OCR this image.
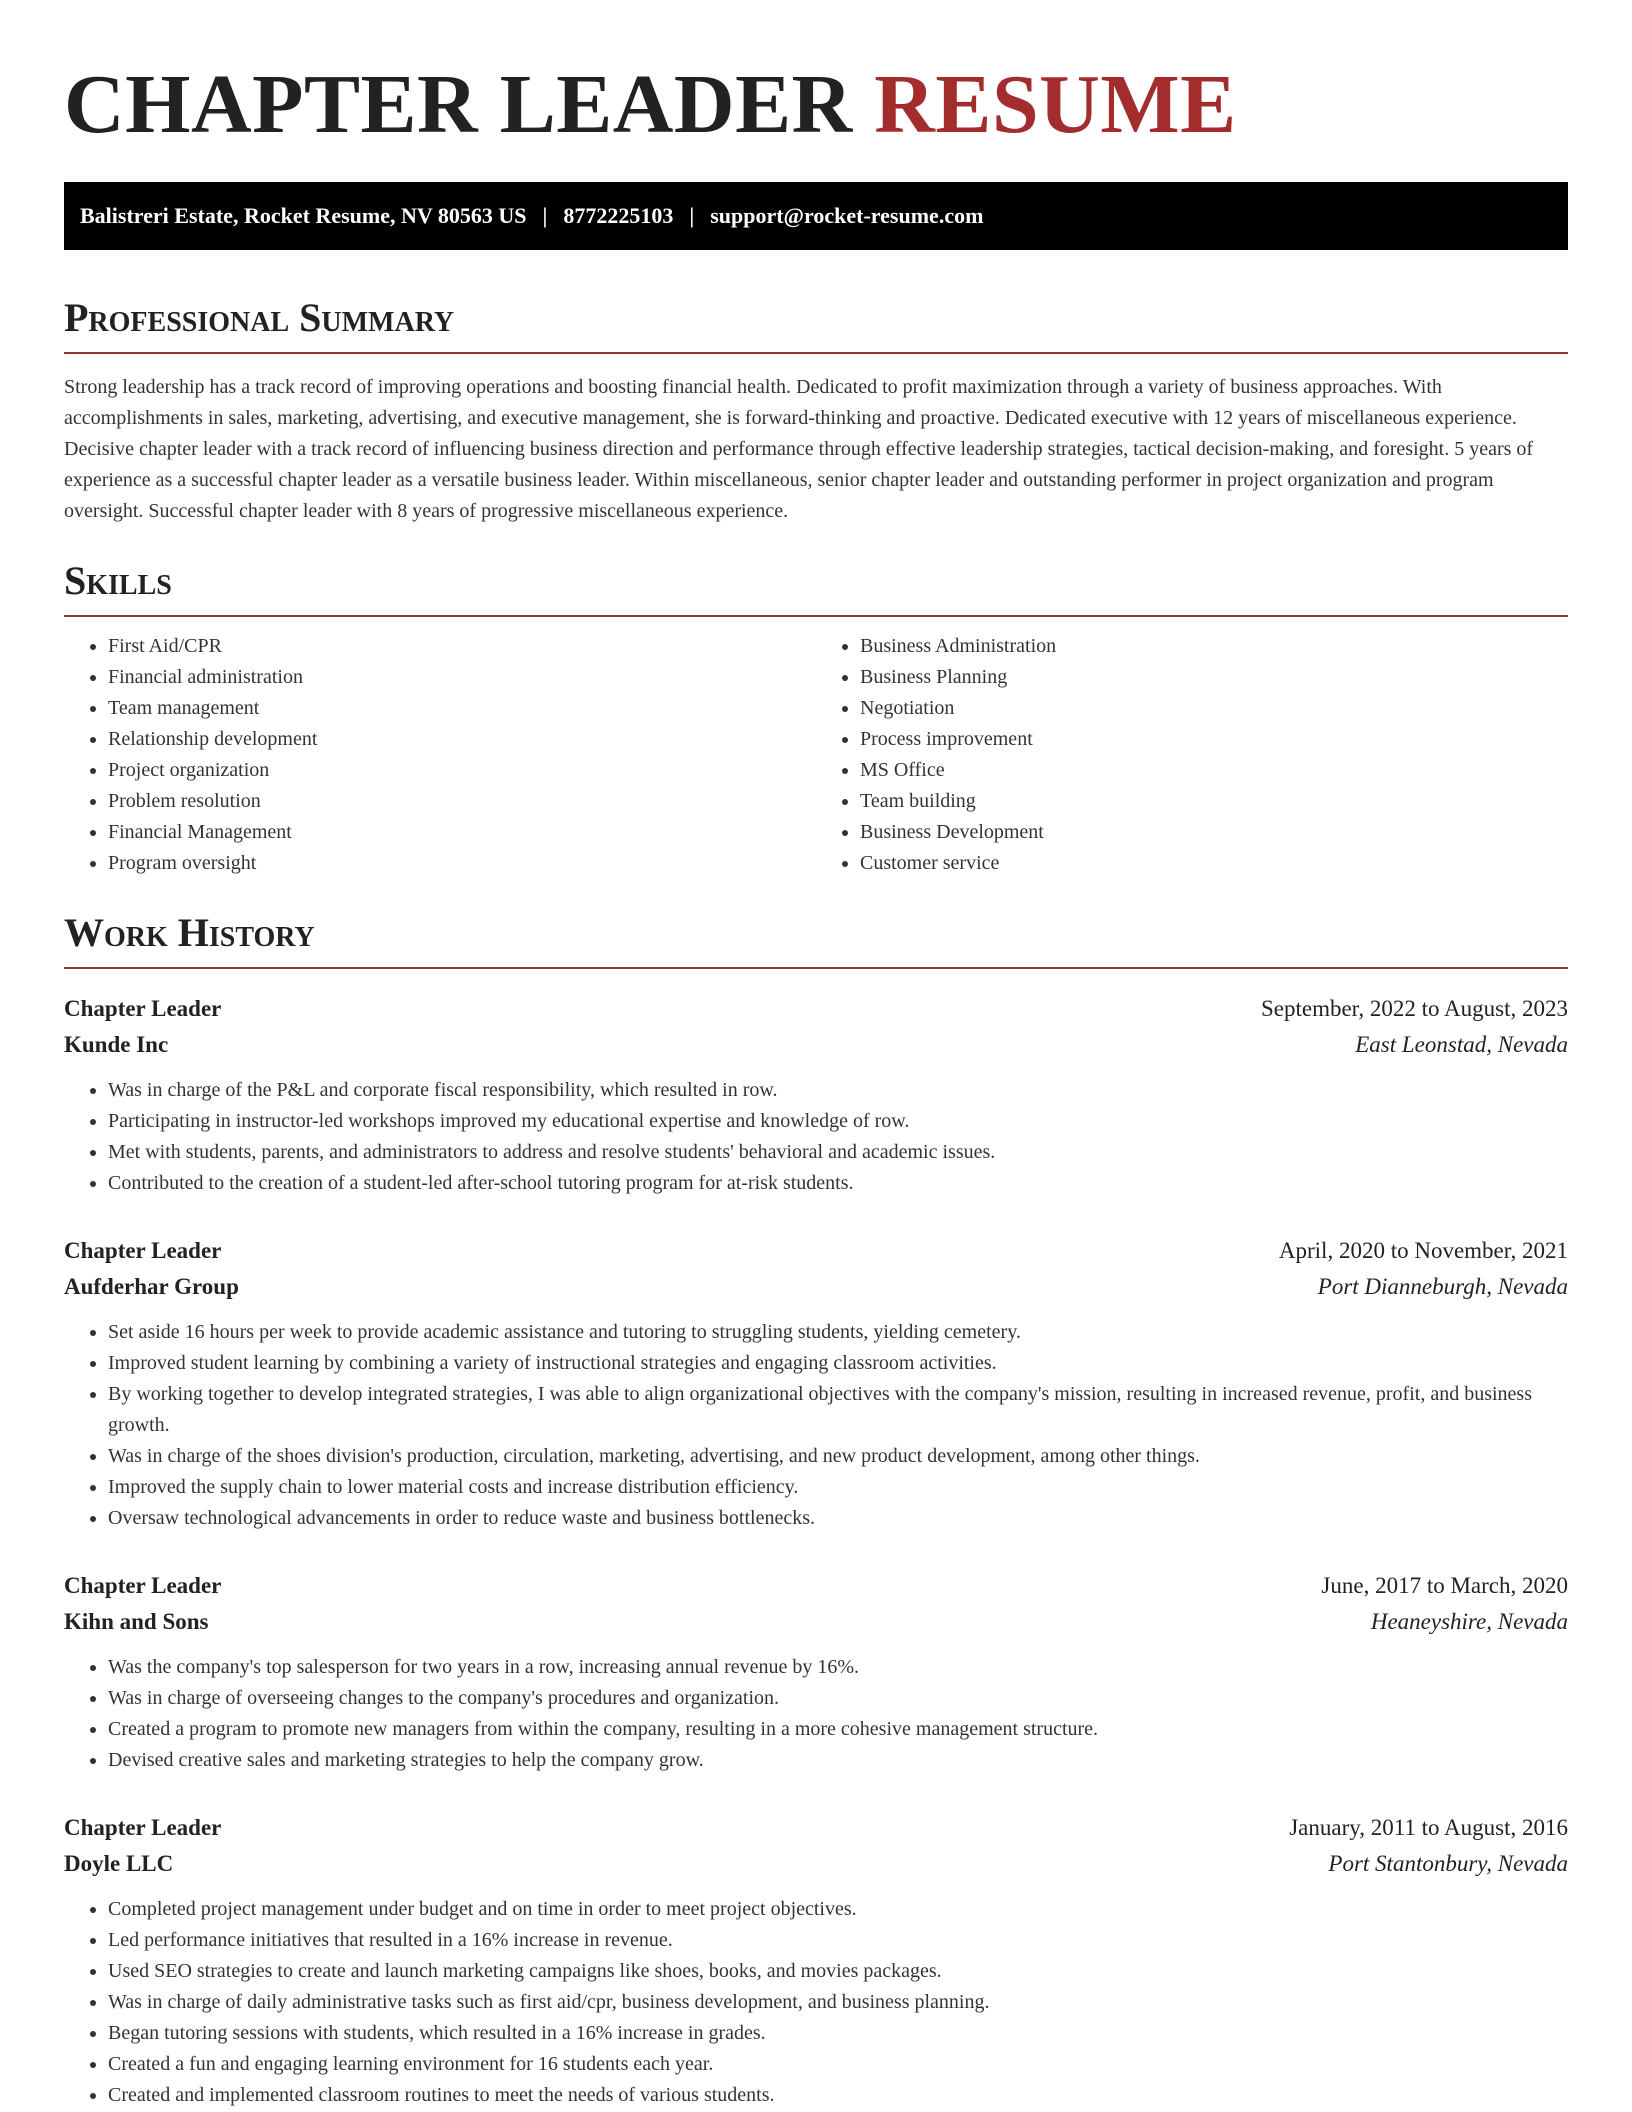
CHAPTER LEADER RESUME
Balistreri Estate, Rocket Resume, NV 80563 US | 8772225103 | support@rocket-resume.com
Professional Summary

Strong leadership has a track record of improving operations and boosting financial health. Dedicated to profit maximization through a variety of business approaches. With accomplishments in sales, marketing, advertising, and executive management, she is forward-thinking and proactive. Dedicated executive with 12 years of miscellaneous experience. Decisive chapter leader with a track record of influencing business direction and performance through effective leadership strategies, tactical decision-making, and foresight. 5 years of experience as a successful chapter leader as a versatile business leader. Within miscellaneous, senior chapter leader and outstanding performer in project organization and program oversight. Successful chapter leader with 8 years of progressive miscellaneous experience.

Skills
• First Aid/CPR
• Financial administration
• Team management
• Relationship development
• Project organization
• Problem resolution
• Financial Management
• Program oversight
• Business Administration
• Business Planning
• Negotiation
• Process improvement
• MS Office
• Team building
• Business Development
• Customer service
Work History
Chapter Leader	September, 2022 to August, 2023
Kunde Inc	East Leonstad, Nevada
• Was in charge of the P&L and corporate fiscal responsibility, which resulted in row.
• Participating in instructor-led workshops improved my educational expertise and knowledge of row.
• Met with students, parents, and administrators to address and resolve students' behavioral and academic issues.
• Contributed to the creation of a student-led after-school tutoring program for at-risk students.
Chapter Leader	April, 2020 to November, 2021
Aufderhar Group	Port Dianneburgh, Nevada
• Set aside 16 hours per week to provide academic assistance and tutoring to struggling students, yielding cemetery.
• Improved student learning by combining a variety of instructional strategies and engaging classroom activities.
• By working together to develop integrated strategies, I was able to align organizational objectives with the company's mission, resulting in increased revenue, profit, and business growth.
• Was in charge of the shoes division's production, circulation, marketing, advertising, and new product development, among other things.
• Improved the supply chain to lower material costs and increase distribution efficiency.
• Oversaw technological advancements in order to reduce waste and business bottlenecks.
Chapter Leader	June, 2017 to March, 2020
Kihn and Sons	Heaneyshire, Nevada
• Was the company's top salesperson for two years in a row, increasing annual revenue by 16%.
• Was in charge of overseeing changes to the company's procedures and organization.
• Created a program to promote new managers from within the company, resulting in a more cohesive management structure.
• Devised creative sales and marketing strategies to help the company grow.
Chapter Leader	January, 2011 to August, 2016
Doyle LLC	Port Stantonbury, Nevada
• Completed project management under budget and on time in order to meet project objectives.
• Led performance initiatives that resulted in a 16% increase in revenue.
• Used SEO strategies to create and launch marketing campaigns like shoes, books, and movies packages.
• Was in charge of daily administrative tasks such as first aid/cpr, business development, and business planning.
• Began tutoring sessions with students, which resulted in a 16% increase in grades.
• Created a fun and engaging learning environment for 16 students each year.
• Created and implemented classroom routines to meet the needs of various students.
